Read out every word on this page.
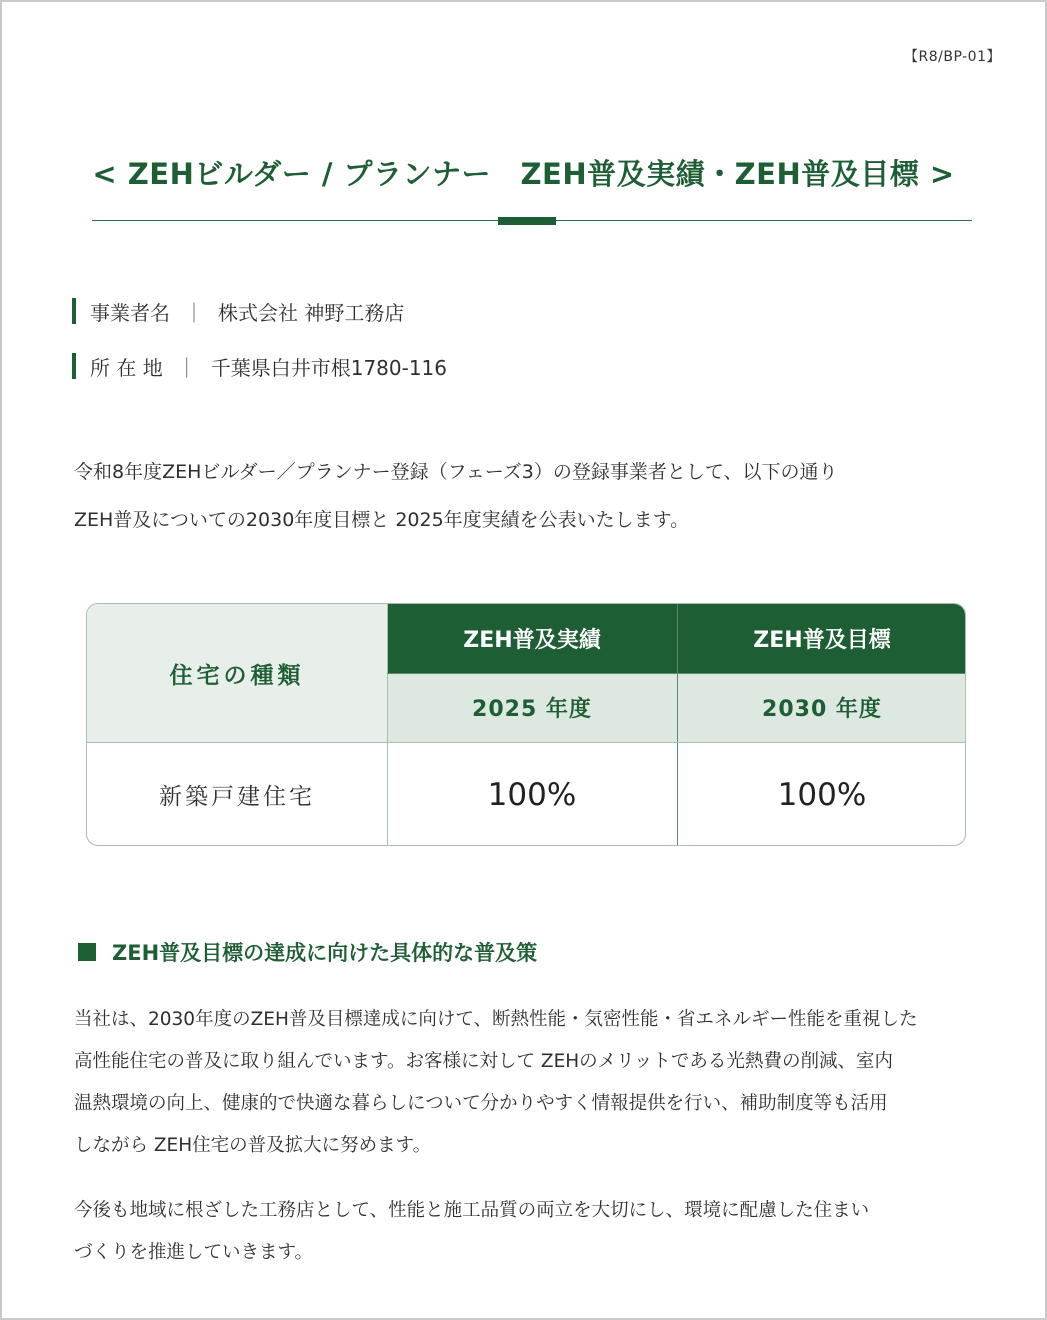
【R8/BP-01】
< ZEHビルダー / プランナー　ZEH普及実績・ZEH普及目標 >
事業者名 ｜ 株式会社 神野工務店
所 在 地 ｜ 千葉県白井市根1780-116
令和8年度ZEHビルダー／プランナー登録（フェーズ3）の登録事業者として、以下の通り
ZEH普及についての2030年度目標と 2025年度実績を公表いたします。
住宅の種類
ZEH普及実績	ZEH普及目標
2025 年度	2030 年度
新築戸建住宅	100%	100%
ZEH普及目標の達成に向けた具体的な普及策
当社は、2030年度のZEH普及目標達成に向けて、断熱性能・気密性能・省エネルギー性能を重視した
高性能住宅の普及に取り組んでいます。お客様に対して ZEHのメリットである光熱費の削減、室内
温熱環境の向上、健康的で快適な暮らしについて分かりやすく情報提供を行い、補助制度等も活用
しながら ZEH住宅の普及拡大に努めます。
今後も地域に根ざした工務店として、性能と施工品質の両立を大切にし、環境に配慮した住まい
づくりを推進していきます。
